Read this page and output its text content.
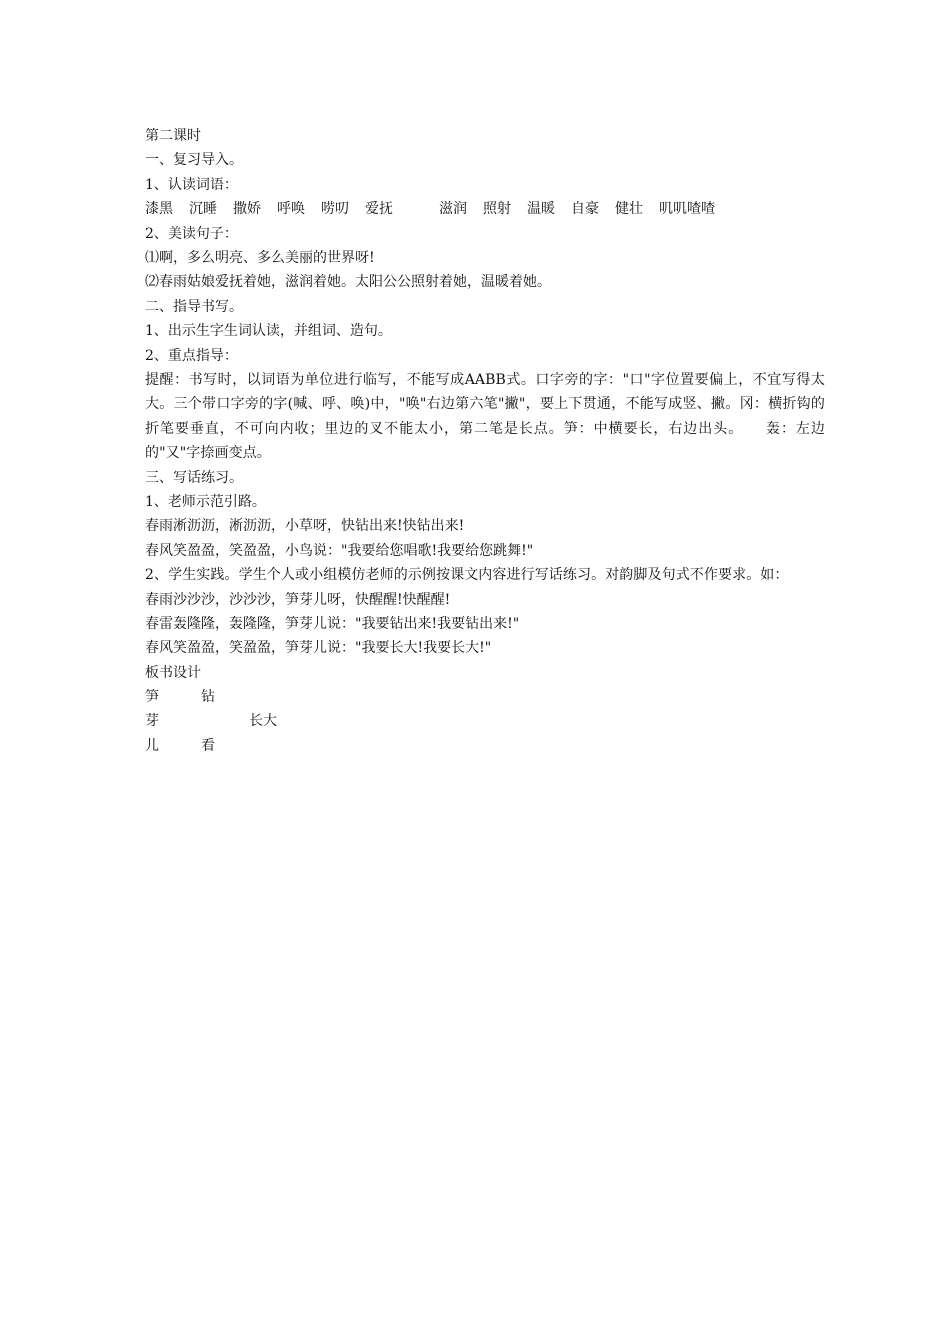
第二课时
一、复习导入。
1、认读词语：
漆黑 沉睡 撒娇 呼唤 唠叨 爱抚	滋润 照射 温暖 自豪 健壮 叽叽喳喳
2、美读句子：
⑴啊，多么明亮、多么美丽的世界呀!
⑵春雨姑娘爱抚着她，滋润着她。太阳公公照射着她，温暖着她。
二、指导书写。
1、出示生字生词认读，并组词、造句。
2、重点指导：
提醒：书写时，以词语为单位进行临写，不能写成AABB式。口字旁的字："口"字位置要偏上，不宜写得太大。三个带口字旁的字(喊、呼、唤)中，"唤"右边第六笔"撇"，要上下贯通，不能写成竖、撇。冈：横折钩的折笔要垂直，不可向内收；里边的叉不能太小，第二笔是长点。笋：中横要长，右边出头。　　轰：左边的"又"字捺画变点。
三、写话练习。
1、老师示范引路。
春雨淅沥沥，淅沥沥，小草呀，快钻出来!快钻出来!
春风笑盈盈，笑盈盈，小鸟说："我要给您唱歌!我要给您跳舞!"
2、学生实践。学生个人或小组模仿老师的示例按课文内容进行写话练习。对韵脚及句式不作要求。如：
春雨沙沙沙，沙沙沙，笋芽儿呀，快醒醒!快醒醒!
春雷轰隆隆，轰隆隆，笋芽儿说："我要钻出来!我要钻出来!"
春风笑盈盈，笑盈盈，笋芽儿说："我要长大!我要长大!"
板书设计
笋	钻
芽	长大
儿	看
